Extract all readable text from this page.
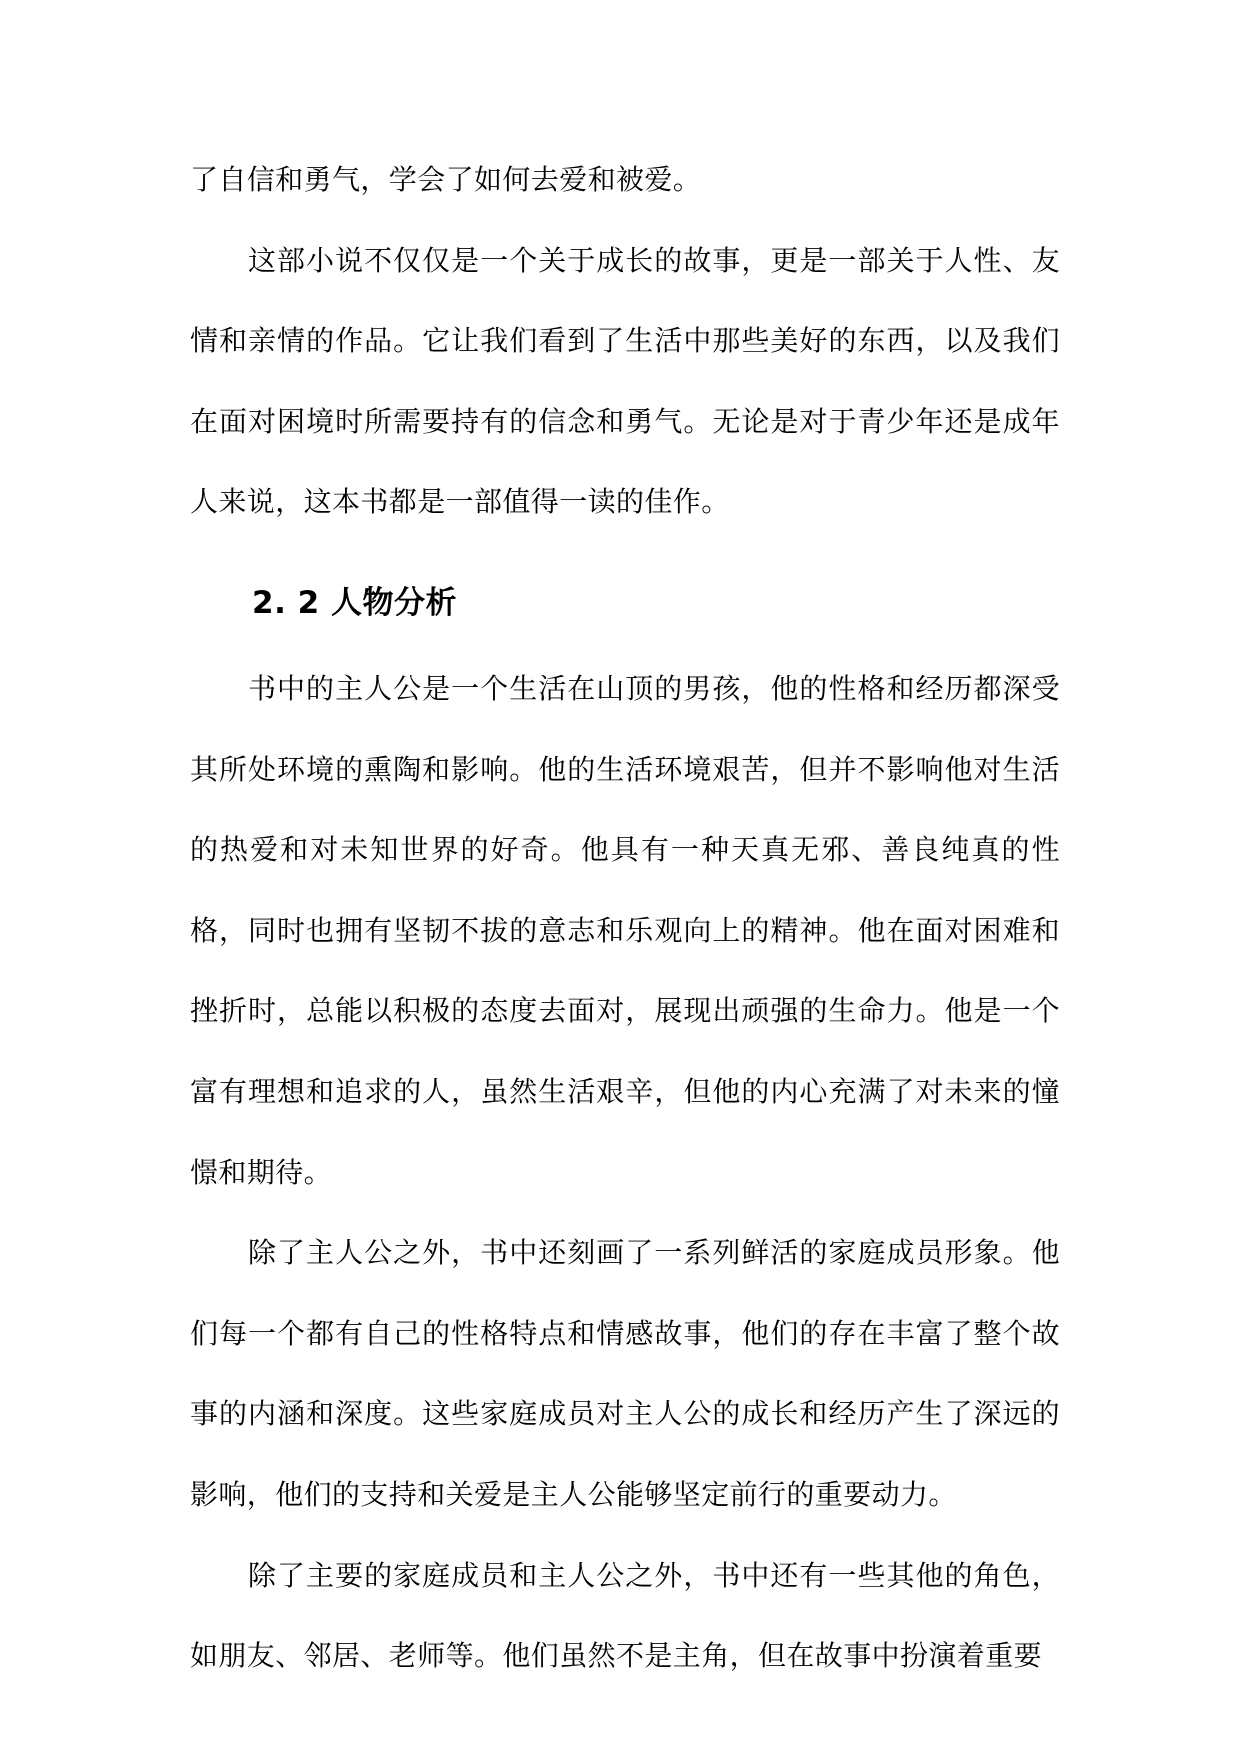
了自信和勇气，学会了如何去爱和被爱。

这部小说不仅仅是一个关于成长的故事，更是一部关于人性、友情和亲情的作品。它让我们看到了生活中那些美好的东西，以及我们在面对困境时所需要持有的信念和勇气。无论是对于青少年还是成年人来说，这本书都是一部值得一读的佳作。

2. 2 人物分析

书中的主人公是一个生活在山顶的男孩，他的性格和经历都深受其所处环境的熏陶和影响。他的生活环境艰苦，但并不影响他对生活的热爱和对未知世界的好奇。他具有一种天真无邪、善良纯真的性格，同时也拥有坚韧不拔的意志和乐观向上的精神。他在面对困难和挫折时，总能以积极的态度去面对，展现出顽强的生命力。他是一个富有理想和追求的人，虽然生活艰辛，但他的内心充满了对未来的憧憬和期待。

除了主人公之外，书中还刻画了一系列鲜活的家庭成员形象。他们每一个都有自己的性格特点和情感故事，他们的存在丰富了整个故事的内涵和深度。这些家庭成员对主人公的成长和经历产生了深远的影响，他们的支持和关爱是主人公能够坚定前行的重要动力。

除了主要的家庭成员和主人公之外，书中还有一些其他的角色，如朋友、邻居、老师等。他们虽然不是主角，但在故事中扮演着重要
